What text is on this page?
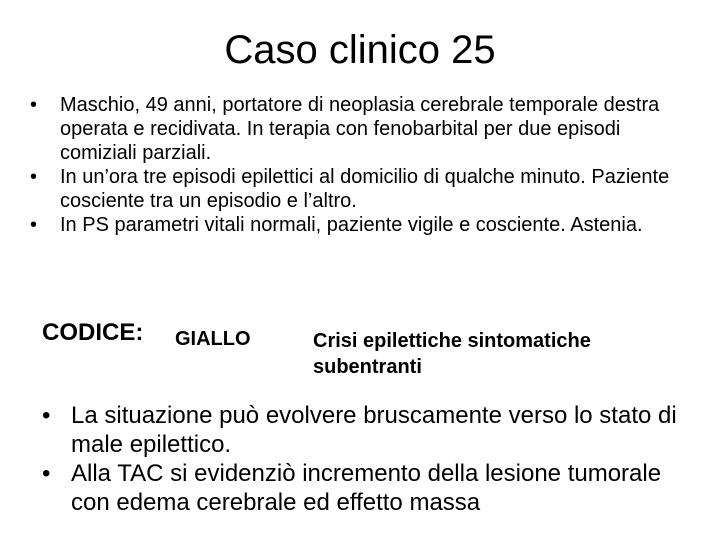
Caso clinico 25
• Maschio, 49 anni, portatore di neoplasia cerebrale temporale destra operata e recidivata. In terapia con fenobarbital per due episodi comiziali parziali.
• In un’ora tre episodi epilettici al domicilio di qualche minuto. Paziente cosciente tra un episodio e l’altro.
• In PS parametri vitali normali, paziente vigile e cosciente. Astenia.
CODICE: GIALLO	Crisi epilettiche sintomatiche subentranti
• La situazione può evolvere bruscamente verso lo stato di male epilettico.
• Alla TAC si evidenziò incremento della lesione tumorale con edema cerebrale ed effetto massa
